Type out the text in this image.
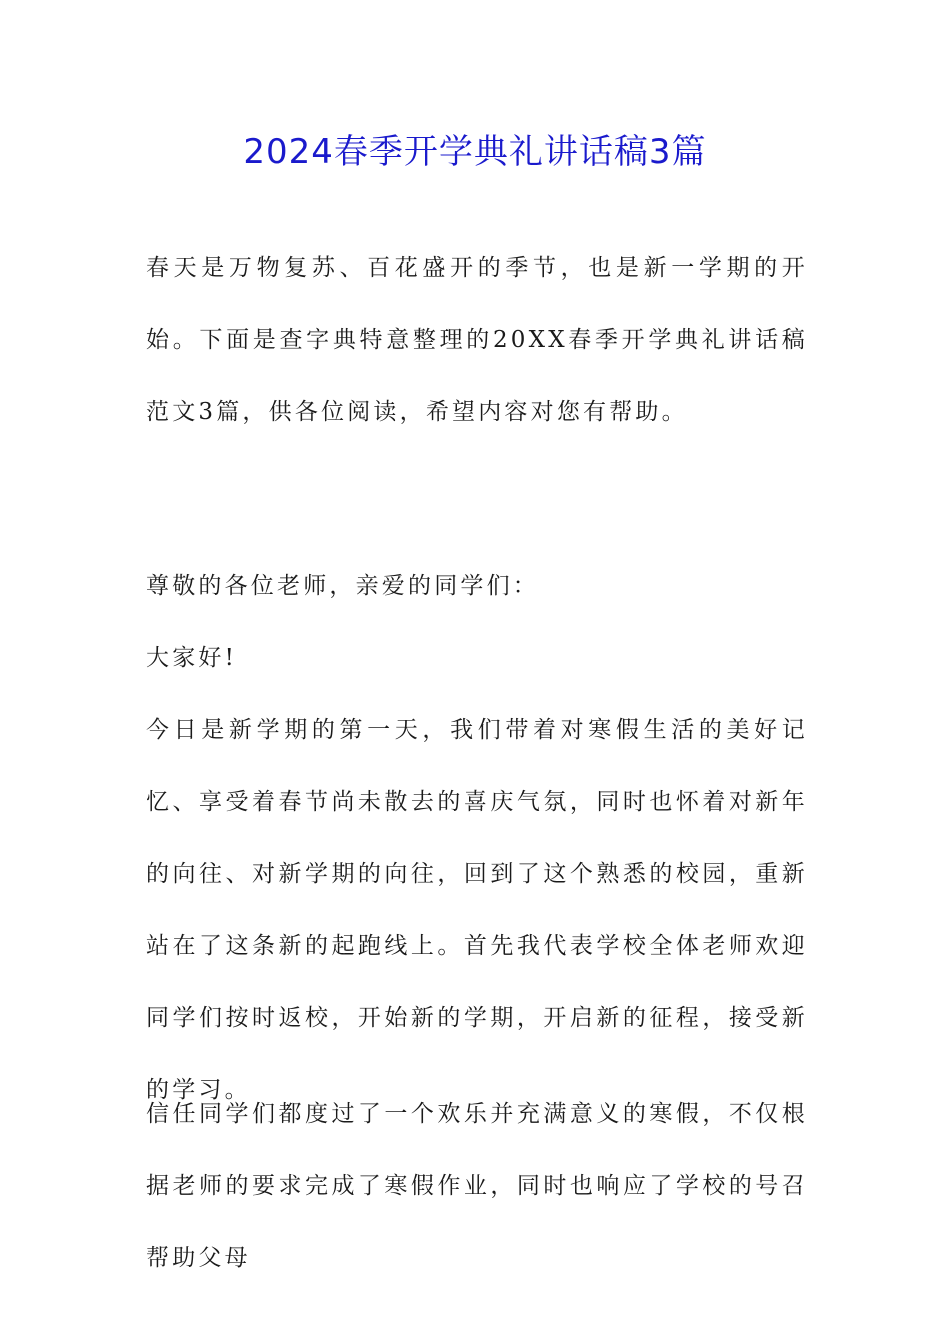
2024春季开学典礼讲话稿3篇
春天是万物复苏、百花盛开的季节，也是新一学期的开始。下面是查字典特意整理的20XX春季开学典礼讲话稿范文3篇，供各位阅读，希望内容对您有帮助。
尊敬的各位老师，亲爱的同学们：
大家好!
今日是新学期的第一天，我们带着对寒假生活的美好记忆、享受着春节尚未散去的喜庆气氛，同时也怀着对新年的向往、对新学期的向往，回到了这个熟悉的校园，重新站在了这条新的起跑线上。首先我代表学校全体老师欢迎同学们按时返校，开始新的学期，开启新的征程，接受新的学习。
信任同学们都度过了一个欢乐并充满意义的寒假，不仅根据老师的要求完成了寒假作业，同时也响应了学校的号召帮助父母
